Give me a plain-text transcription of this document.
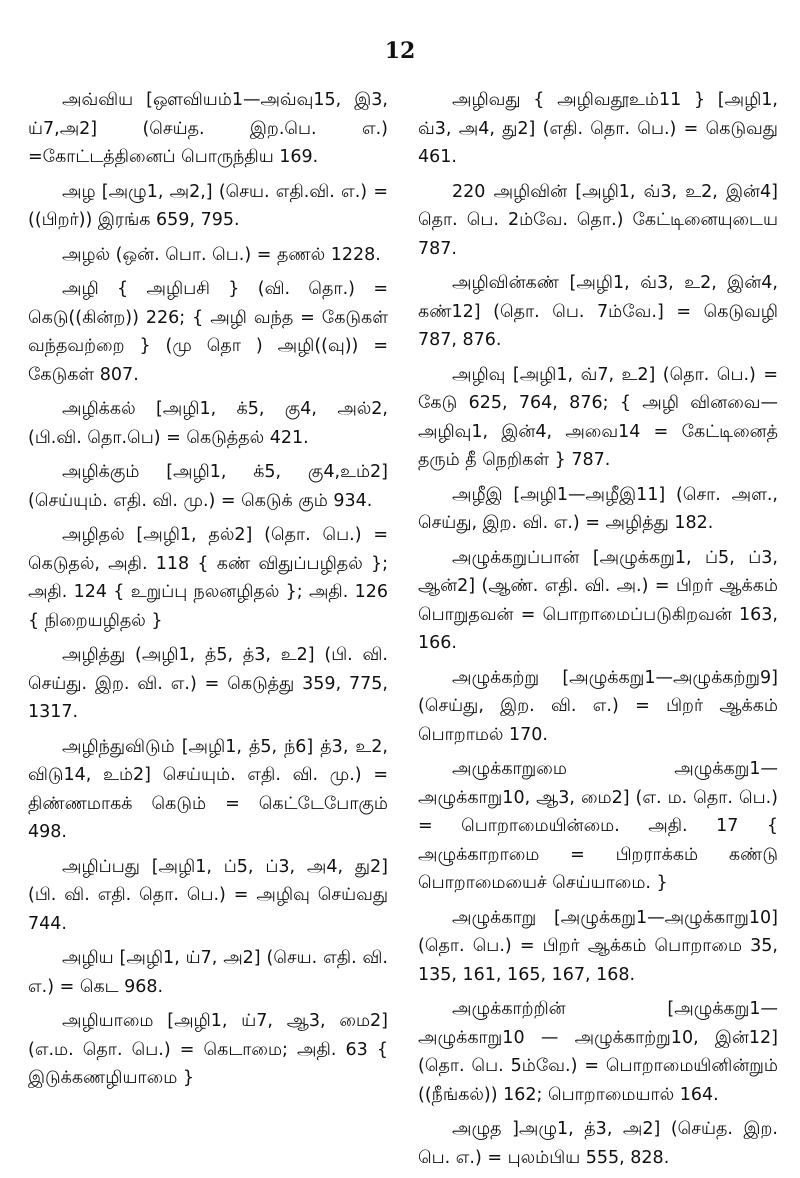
12

அவ்விய [ஔவியம்1—அவ்வு15, இ3, ய்7,அ2] (செய்த. இற.பெ. எ.) =கோட்டத்தினைப் பொருந்திய 169.

அழ [அழு1, அ2,] (செய. எதி.வி. எ.) = ((பிறர்)) இரங்க 659, 795.

அழல் (ஒன். பொ. பெ.) = தணல் 1228.

அழி { அழிபசி } (வி. தொ.) = கெடு((கின்ற)) 226; { அழி வந்த = கேடுகள் வந்தவற்றை } (மு தொ ) அழி((வு)) = கேடுகள் 807.

அழிக்கல் [அழி1, க்5, கு4, அல்2, (பி.வி. தொ.பெ) = கெடுத்தல் 421.

அழிக்கும் [அழி1, க்5, கு4,உம்2] (செய்யும். எதி. வி. மு.) = கெடுக் கும் 934.

அழிதல் [அழி1, தல்2] (தொ. பெ.) = கெடுதல், அதி. 118 { கண் விதுப்பழிதல் }; அதி. 124 { உறுப்பு நலனழிதல் }; அதி. 126 { நிறையழிதல் }

அழித்து (அழி1, த்5, த்3, உ2] (பி. வி. செய்து. இற. வி. எ.) = கெடுத்து 359, 775, 1317.

அழிந்துவிடும் [அழி1, த்5, ந்6] த்3, உ2, விடு14, உம்2] செய்யும். எதி. வி. மு.) = திண்ணமாகக் கெடும் = கெட்டேபோகும் 498.

அழிப்பது [அழி1, ப்5, ப்3, அ4, து2] (பி. வி. எதி. தொ. பெ.) = அழிவு செய்வது 744.

அழிய [அழி1, ய்7, அ2] (செய. எதி. வி. எ.) = கெட 968.

அழியாமை [அழி1, ய்7, ஆ3, மை2] (எ.ம. தொ. பெ.) = கெடாமை; அதி. 63 { இடுக்கணழியாமை }

அழிவது { அழிவதூஉம்11 } [அழி1, வ்3, அ4, து2] (எதி. தொ. பெ.) = கெடுவது 461.

220 அழிவின் [அழி1, வ்3, உ2, இன்4] தொ. பெ. 2ம்வே. தொ.) கேட்டினையுடைய 787.

அழிவின்கண் [அழி1, வ்3, உ2, இன்4, கண்12] (தொ. பெ. 7ம்வே.] = கெடுவழி 787, 876.

அழிவு [அழி1, வ்7, உ2] (தொ. பெ.) = கேடு 625, 764, 876; { அழி வினவை—அழிவு1, இன்4, அவை14 = கேட்டினைத் தரும் தீ நெறிகள் } 787.

அழீஇ [அழி1—அழீஇ11] (சொ. அள., செய்து, இற. வி. எ.) = அழித்து 182.

அழுக்கறுப்பான் [அழுக்கறு1, ப்5, ப்3, ஆன்2] (ஆண். எதி. வி. அ.) = பிறர் ஆக்கம் பொறுதவன் = பொறாமைப்படுகிறவன் 163, 166.

அழுக்கற்று [அழுக்கறு1—அழுக்கற்று9] (செய்து, இற. வி. எ.) = பிறர் ஆக்கம் பொறாமல் 170.

அழுக்காறுமை அழுக்கறு1—அழுக்காறு10, ஆ3, மை2] (எ. ம. தொ. பெ.) = பொறாமையின்மை. அதி. 17 { அழுக்காறாமை = பிறராக்கம் கண்டு பொறாமையைச் செய்யாமை. }

அழுக்காறு [அழுக்கறு1—அழுக்காறு10] (தொ. பெ.) = பிறர் ஆக்கம் பொறாமை 35, 135, 161, 165, 167, 168.

அழுக்காற்றின் [அழுக்கறு1—அழுக்காறு10 — அழுக்காற்று10, இன்12] (தொ. பெ. 5ம்வே.) = பொறாமையினின்றும் ((நீங்கல்)) 162; பொறாமையால் 164.

அழுத ]அழு1, த்3, அ2] (செய்த. இற. பெ. எ.) = புலம்பிய 555, 828.
